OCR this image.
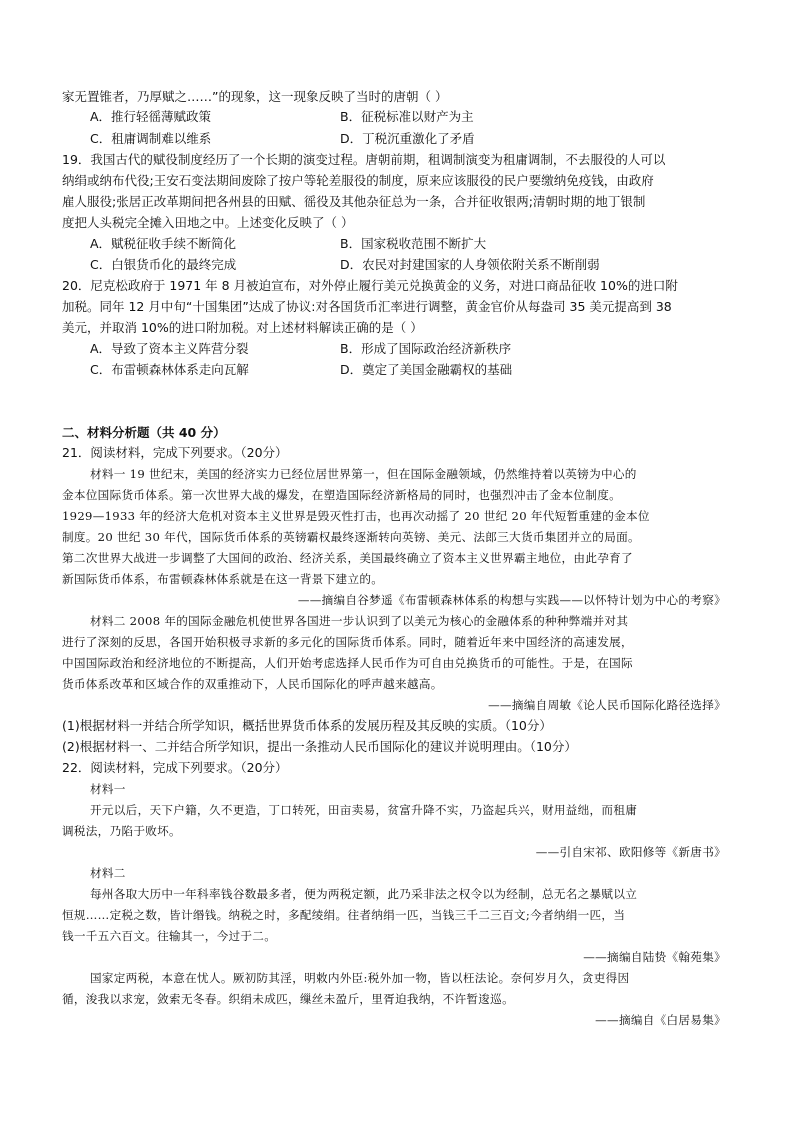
家无置锥者，乃厚赋之……”的现象，这一现象反映了当时的唐朝（ ）
A．推行轻徭薄赋政策	B．征税标准以财产为主
C．租庸调制难以维系	D．丁税沉重激化了矛盾
19．我国古代的赋役制度经历了一个长期的演变过程。唐朝前期，租调制演变为租庸调制，不去服役的人可以
纳绢或纳布代役;王安石变法期间废除了按户等轮差服役的制度，原来应该服役的民户要缴纳免疫钱，由政府
雇人服役;张居正改革期间把各州县的田赋、徭役及其他杂征总为一条，合并征收银两;清朝时期的地丁银制
度把人头税完全摊入田地之中。上述变化反映了（ ）
A．赋税征收手续不断简化	B．国家税收范围不断扩大
C．白银货币化的最终完成	D．农民对封建国家的人身领依附关系不断削弱
20．尼克松政府于 1971 年 8 月被迫宣布，对外停止履行美元兑换黄金的义务，对进口商品征收 10%的进口附
加税。同年 12 月中旬“十国集团”达成了协议:对各国货币汇率进行调整，黄金官价从每盎司 35 美元提高到 38
美元，并取消 10%的进口附加税。对上述材料解读正确的是（ ）
A．导致了资本主义阵营分裂	B．形成了国际政治经济新秩序
C．布雷顿森林体系走向瓦解	D．奠定了美国金融霸权的基础
二、材料分析题（共 40 分）
21．阅读材料，完成下列要求。（20分）
材料一 19 世纪末，美国的经济实力已经位居世界第一，但在国际金融领域，仍然维持着以英镑为中心的
金本位国际货币体系。第一次世界大战的爆发，在塑造国际经济新格局的同时，也强烈冲击了金本位制度。
1929—1933 年的经济大危机对资本主义世界是毁灭性打击，也再次动摇了 20 世纪 20 年代短暂重建的金本位
制度。20 世纪 30 年代，国际货币体系的英镑霸权最终逐渐转向英镑、美元、法郎三大货币集团并立的局面。
第二次世界大战进一步调整了大国间的政治、经济关系，美国最终确立了资本主义世界霸主地位，由此孕育了
新国际货币体系，布雷顿森林体系就是在这一背景下建立的。
——摘编自谷梦遥《布雷顿森林体系的构想与实践——以怀特计划为中心的考察》
材料二 2008 年的国际金融危机使世界各国进一步认识到了以美元为核心的金融体系的种种弊端并对其
进行了深刻的反思，各国开始积极寻求新的多元化的国际货币体系。同时，随着近年来中国经济的高速发展，
中国国际政治和经济地位的不断提高，人们开始考虑选择人民币作为可自由兑换货币的可能性。于是，在国际
货币体系改革和区域合作的双重推动下，人民币国际化的呼声越来越高。
——摘编自周敏《论人民币国际化路径选择》
(1)根据材料一并结合所学知识，概括世界货币体系的发展历程及其反映的实质。（10分）
(2)根据材料一、二并结合所学知识，提出一条推动人民币国际化的建议并说明理由。（10分）
22．阅读材料，完成下列要求。（20分）
材料一
开元以后，天下户籍，久不更造，丁口转死，田亩卖易，贫富升降不实，乃盗起兵兴，财用益绌，而租庸
调税法，乃陷于败坏。
——引自宋祁、欧阳修等《新唐书》
材料二
每州各取大历中一年科率钱谷数最多者，便为两税定额，此乃采非法之权令以为经制，总无名之暴赋以立
恒规……定税之数，皆计缗钱。纳税之时，多配绫绢。往者纳绢一匹，当钱三千二三百文;今者纳绢一匹，当
钱一千五六百文。往输其一，今过于二。
——摘编自陆贽《翰苑集》
国家定两税，本意在忧人。厥初防其淫，明敕内外臣:税外加一物，皆以枉法论。奈何岁月久，贪吏得因
循，浚我以求宠，敛索无冬春。织绢未成匹，缫丝未盈斤，里胥迫我纳，不许暂逡巡。
——摘编自《白居易集》
